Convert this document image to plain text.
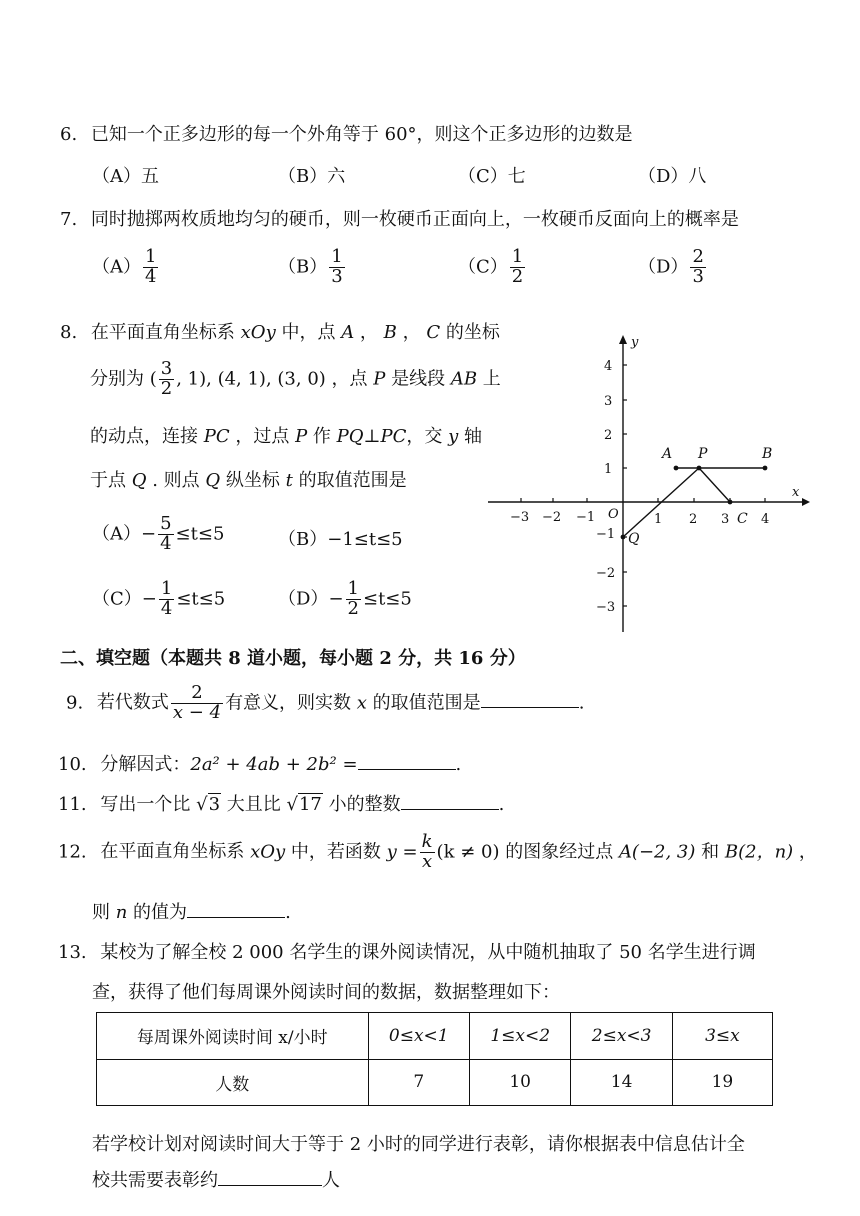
6. 已知一个正多边形的每一个外角等于 60°，则这个正多边形的边数是
（A）五	（B）六	（C）七	（D）八
7. 同时抛掷两枚质地均匀的硬币，则一枚硬币正面向上，一枚硬币反面向上的概率是
$(A) \frac{1}{4}$	$(B) \frac{1}{3}$	$(C) \frac{1}{2}$	$(D) \frac{2}{3}$
8. 在平面直角坐标系 xOy 中，点 A ， B ， C 的坐标
分别为 ( $\frac{3}{2}$ , 1), (4, 1), (3, 0) ，点 P 是线段 AB 上
的动点，连接 PC ，过点 P 作 PQ⊥PC，交 y 轴
于点 Q . 则点 Q 纵坐标 t 的取值范围是
$(A)- \frac{5}{4} \le t\le 5$	（B）−1≤t≤5
$(C)- \frac{1}{4} \le t\le 5$	$(D)- \frac{1}{2} \le t\le 5$
−3 −2 −1	1 2 3 4
4
3
2
1
−1
−2
−3
x
y
O
A P	B
C
Q
二、填空题（本题共 8 道小题，每小题 2 分，共 16 分）
9. 若代数式 $\frac{2}{x - 4}$ 有意义，则实数 x 的取值范围是	.
10. 分解因式：2a² + 4ab + 2b² =	.
11. 写出一个比 √3 大且比 √17 小的整数	.
12. 在平面直角坐标系 xOy 中，若函数 $y = \frac{k}{x} (k \ne 0)$ 的图象经过点 A(−2, 3) 和 B(2，n) ，
则 n 的值为	.
13. 某校为了解全校 2 000 名学生的课外阅读情况，从中随机抽取了 50 名学生进行调
查，获得了他们每周课外阅读时间的数据，数据整理如下：
每周课外阅读时间 x/小时	0≤x<1	1≤x<2	2≤x<3	3≤x
人数	7	10	14	19
若学校计划对阅读时间大于等于 2 小时的同学进行表彰，请你根据表中信息估计全
校共需要表彰约	人
